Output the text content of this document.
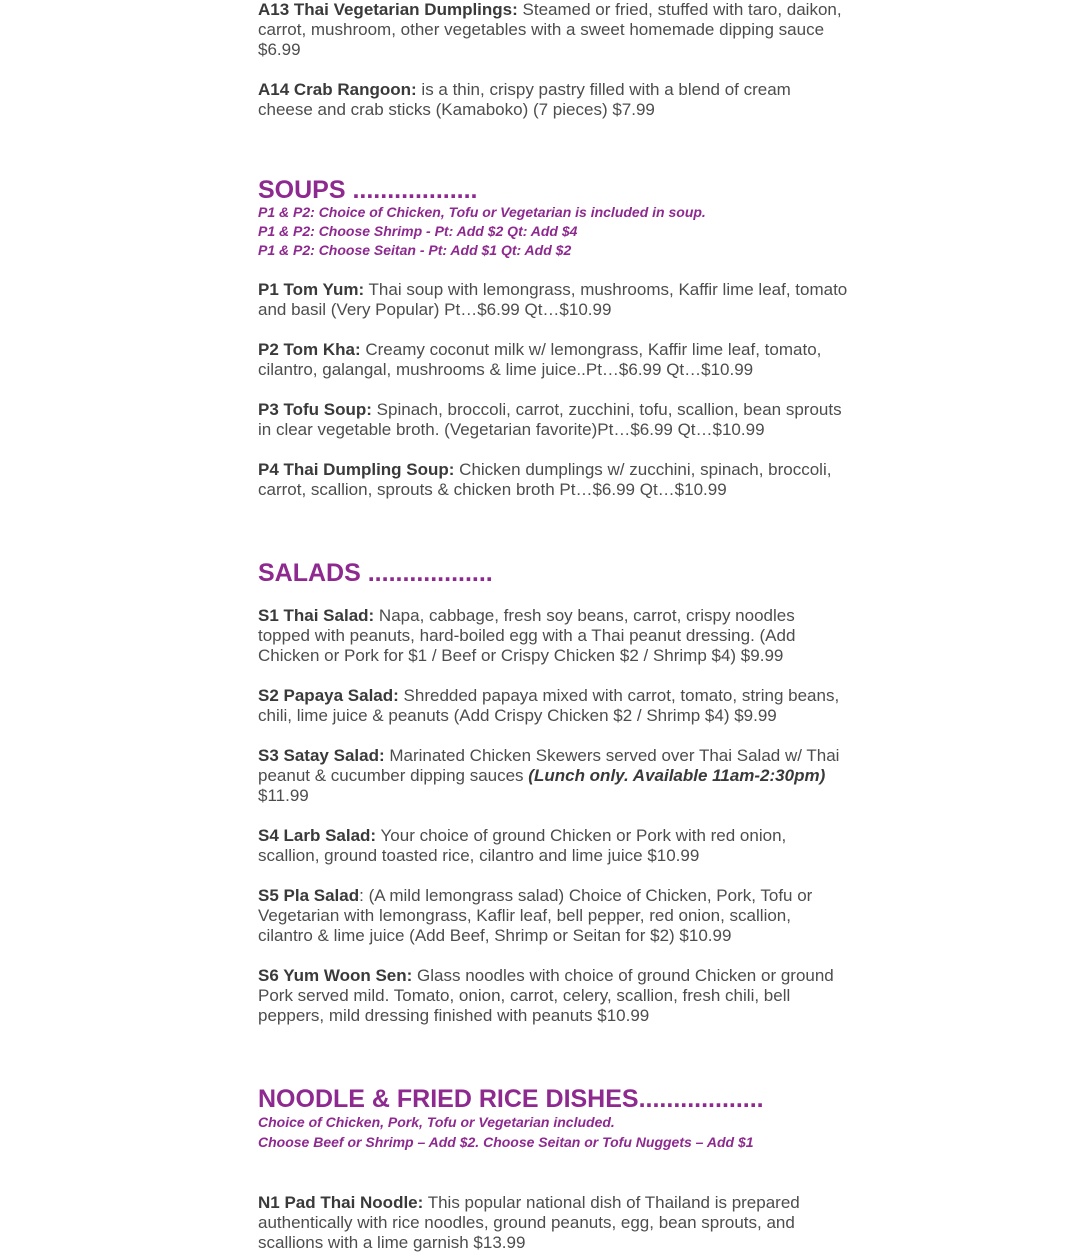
A13 Thai Vegetarian Dumplings: Steamed or fried, stuffed with taro, daikon, carrot, mushroom, other vegetables with a sweet homemade dipping sauce $6.99

A14 Crab Rangoon: is a thin, crispy pastry filled with a blend of cream cheese and crab sticks (Kamaboko) (7 pieces) $7.99

SOUPS ..................

P1 & P2: Choice of Chicken, Tofu or Vegetarian is included in soup.

P1 & P2: Choose Shrimp - Pt: Add $2 Qt: Add $4

P1 & P2: Choose Seitan - Pt: Add $1 Qt: Add $2

P1 Tom Yum: Thai soup with lemongrass, mushrooms, Kaffir lime leaf, tomato and basil (Very Popular) Pt…$6.99 Qt…$10.99

P2 Tom Kha: Creamy coconut milk w/ lemongrass, Kaffir lime leaf, tomato, cilantro, galangal, mushrooms & lime juice..Pt…$6.99 Qt…$10.99

P3 Tofu Soup: Spinach, broccoli, carrot, zucchini, tofu, scallion, bean sprouts in clear vegetable broth. (Vegetarian favorite)Pt…$6.99 Qt…$10.99

P4 Thai Dumpling Soup: Chicken dumplings w/ zucchini, spinach, broccoli, carrot, scallion, sprouts & chicken broth Pt…$6.99 Qt…$10.99

SALADS ..................

S1 Thai Salad: Napa, cabbage, fresh soy beans, carrot, crispy noodles topped with peanuts, hard-boiled egg with a Thai peanut dressing. (Add Chicken or Pork for $1 / Beef or Crispy Chicken $2 / Shrimp $4) $9.99

S2 Papaya Salad: Shredded papaya mixed with carrot, tomato, string beans, chili, lime juice & peanuts (Add Crispy Chicken $2 / Shrimp $4) $9.99

S3 Satay Salad: Marinated Chicken Skewers served over Thai Salad w/ Thai peanut & cucumber dipping sauces (Lunch only. Available 11am-2:30pm) $11.99

S4 Larb Salad: Your choice of ground Chicken or Pork with red onion, scallion, ground toasted rice, cilantro and lime juice $10.99

S5 Pla Salad: (A mild lemongrass salad) Choice of Chicken, Pork, Tofu or Vegetarian with lemongrass, Kaflir leaf, bell pepper, red onion, scallion, cilantro & lime juice (Add Beef, Shrimp or Seitan for $2) $10.99

S6 Yum Woon Sen: Glass noodles with choice of ground Chicken or ground Pork served mild. Tomato, onion, carrot, celery, scallion, fresh chili, bell peppers, mild dressing finished with peanuts $10.99

NOODLE & FRIED RICE DISHES..................

Choice of Chicken, Pork, Tofu or Vegetarian included.

Choose Beef or Shrimp – Add $2. Choose Seitan or Tofu Nuggets – Add $1

N1 Pad Thai Noodle: This popular national dish of Thailand is prepared authentically with rice noodles, ground peanuts, egg, bean sprouts, and scallions with a lime garnish $13.99
